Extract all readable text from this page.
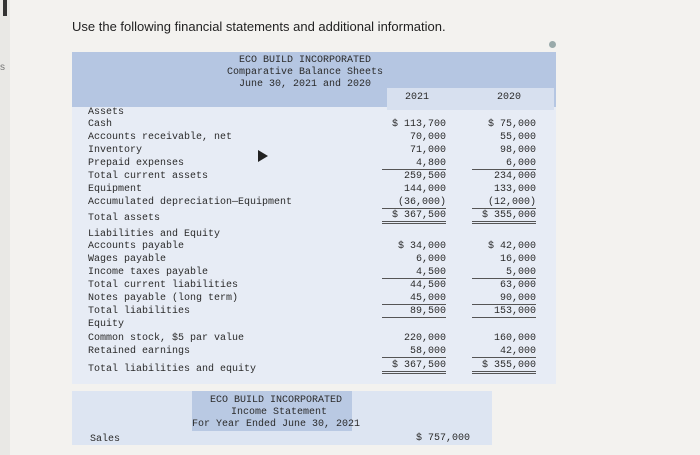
s
Use the following financial statements and additional information.
ECO BUILD INCORPORATED
Comparative Balance Sheets
June 30, 2021 and 2020
2021	2020
Assets
Cash	$ 113,700	$ 75,000
Accounts receivable, net	70,000	55,000
Inventory	71,000	98,000
Prepaid expenses	4,800	6,000
Total current assets	259,500	234,000
Equipment	144,000	133,000
Accumulated depreciation—Equipment	(36,000)	(12,000)
Total assets	$ 367,500	$ 355,000
Liabilities and Equity
Accounts payable	$ 34,000	$ 42,000
Wages payable	6,000	16,000
Income taxes payable	4,500	5,000
Total current liabilities	44,500	63,000
Notes payable (long term)	45,000	90,000
Total liabilities	89,500	153,000
Equity
Common stock, $5 par value	220,000	160,000
Retained earnings	58,000	42,000
Total liabilities and equity	$ 367,500	$ 355,000
ECO BUILD INCORPORATED
Income Statement
For Year Ended June 30, 2021
Sales	$ 757,000
